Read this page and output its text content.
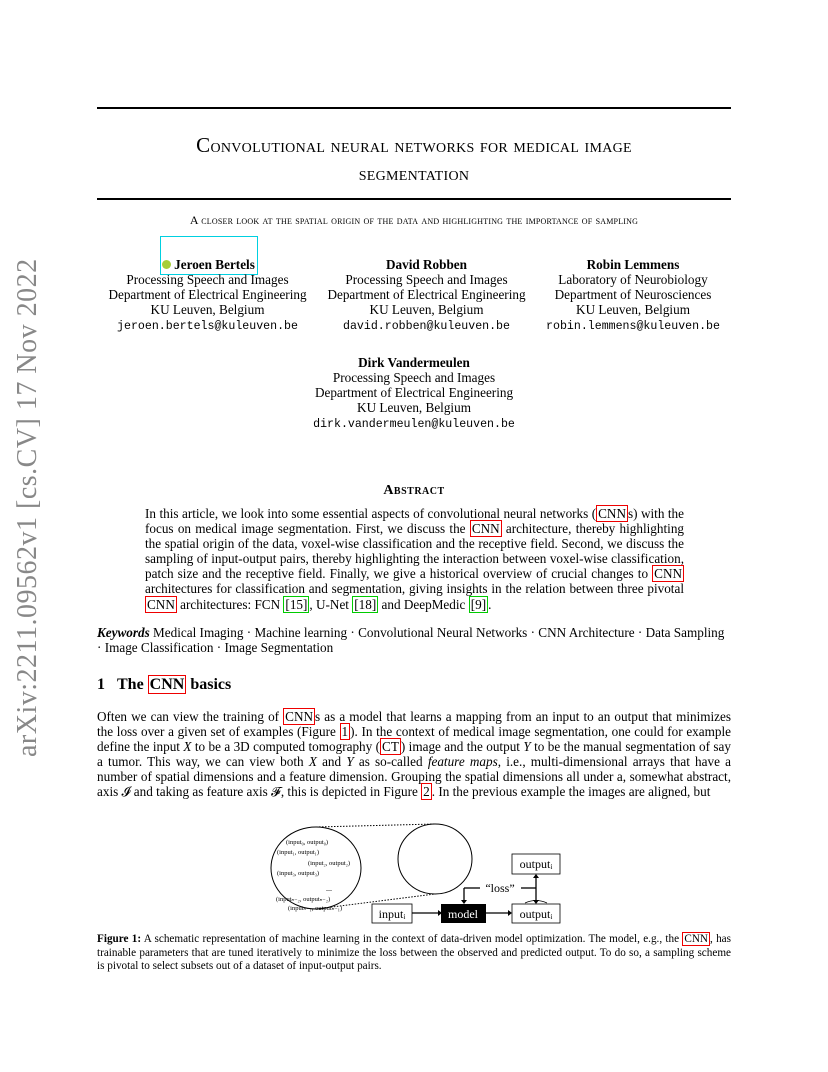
arXiv:2211.09562v1 [cs.CV] 17 Nov 2022
Convolutional neural networks for medical image
segmentation
A closer look at the spatial origin of the data and highlighting the importance of sampling
Jeroen Bertels
Processing Speech and Images
Department of Electrical Engineering
KU Leuven, Belgium
jeroen.bertels@kuleuven.be
David Robben
Processing Speech and Images
Department of Electrical Engineering
KU Leuven, Belgium
david.robben@kuleuven.be
Robin Lemmens
Laboratory of Neurobiology
Department of Neurosciences
KU Leuven, Belgium
robin.lemmens@kuleuven.be
Dirk Vandermeulen
Processing Speech and Images
Department of Electrical Engineering
KU Leuven, Belgium
dirk.vandermeulen@kuleuven.be
Abstract
In this article, we look into some essential aspects of convolutional neural networks ( CNN s) with the focus on medical image segmentation. First, we discuss the CNN architecture, thereby highlighting the spatial origin of the data, voxel-wise classification and the receptive field. Second, we discuss the sampling of input-output pairs, thereby highlighting the interaction between voxel-wise classification, patch size and the receptive field. Finally, we give a historical overview of crucial changes to CNN architectures for classification and segmentation, giving insights in the relation between three pivotal CNN architectures: FCN [15] , U-Net [18] and DeepMedic [9] .
Keywords Medical Imaging · Machine learning · Convolutional Neural Networks · CNN Architecture · Data Sampling · Image Classification · Image Segmentation
1 The CNN basics
Often we can view the training of CNN s as a model that learns a mapping from an input to an output that minimizes the loss over a given set of examples (Figure 1 ). In the context of medical image segmentation, one could for example define the input X to be a 3D computed tomography ( CT ) image and the output Y to be the manual segmentation of say a tumor. This way, we can view both X and Y as so-called feature maps, i.e., multi-dimensional arrays that have a number of spatial dimensions and a feature dimension. Grouping the spatial dimensions all under a, somewhat abstract, axis 𝓘 and taking as feature axis 𝓕, this is depicted in Figure 2 . In the previous example the images are aligned, but
(input₀, output₀)
(input₁, output₁)
(input₂, output₂)
(input₃, output₃)
...
(inputₙ₋₂, outputₙ₋₂)
(inputₙ₋₁, outputₙ₋₁)
outputᵢ
inputᵢ	model	outputᵢ
“loss”
Figure 1: A schematic representation of machine learning in the context of data-driven model optimization. The model, e.g., the CNN , has trainable parameters that are tuned iteratively to minimize the loss between the observed and predicted output. To do so, a sampling scheme is pivotal to select subsets out of a dataset of input-output pairs.
